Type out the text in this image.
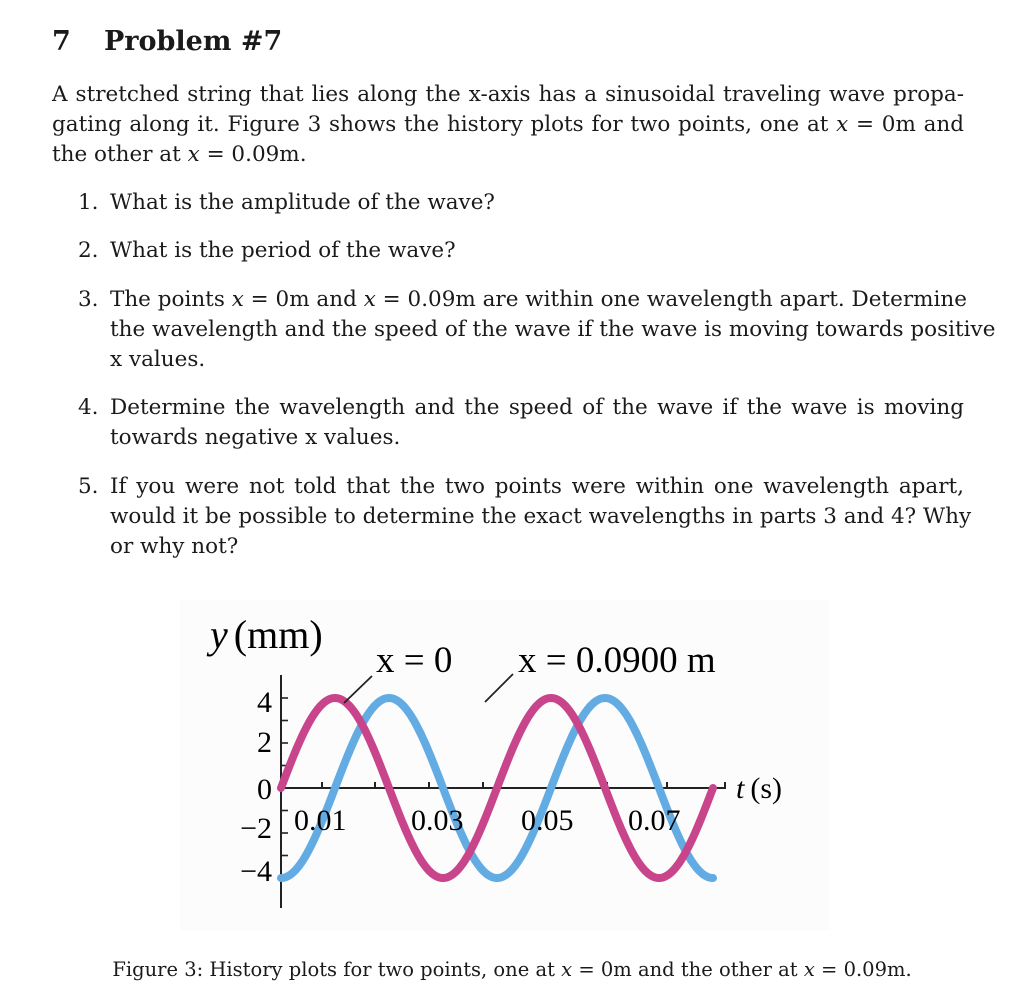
7 Problem #7
A stretched string that lies along the x-axis has a sinusoidal traveling wave propa-
gating along it. Figure 3 shows the history plots for two points, one at x = 0m and
the other at x = 0.09m.
1. What is the amplitude of the wave?
2. What is the period of the wave?
3. The points x = 0m and x = 0.09m are within one wavelength apart. Determine
the wavelength and the speed of the wave if the wave is moving towards positive
x values.
4. Determine the wavelength and the speed of the wave if the wave is moving
towards negative x values.
5. If you were not told that the two points were within one wavelength apart,
would it be possible to determine the exact wavelengths in parts 3 and 4? Why
or why not?
y (mm)
4
2
0
−2
−4
x = 0 x = 0.0900 m
0.01 0.03 0.05 0.07
t (s)
Figure 3: History plots for two points, one at x = 0m and the other at x = 0.09m.
